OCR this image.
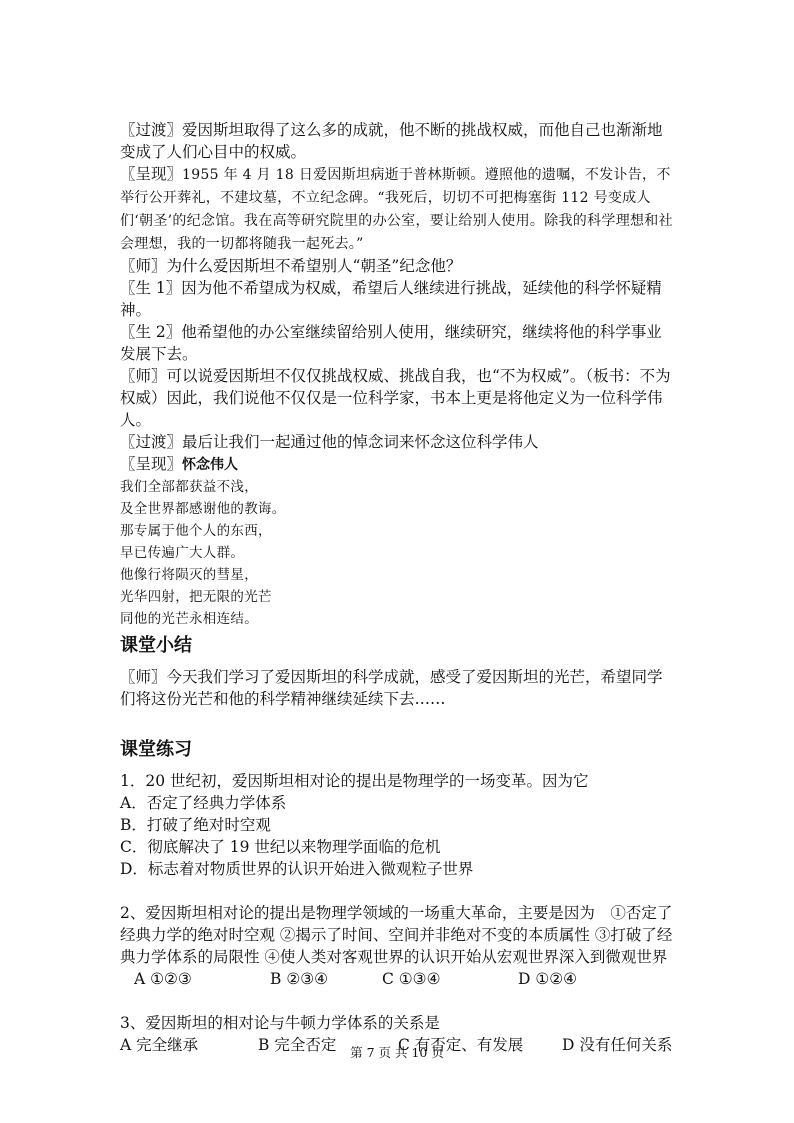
〖过渡〗爱因斯坦取得了这么多的成就，他不断的挑战权威，而他自己也渐渐地变成了人们心目中的权威。

〖呈现〗1955 年 4 月 18 日爱因斯坦病逝于普林斯顿。遵照他的遗嘱，不发讣告，不举行公开葬礼，不建坟墓，不立纪念碑。“我死后，切切不可把梅塞街 112 号变成人们‘朝圣’的纪念馆。我在高等研究院里的办公室，要让给别人使用。除我的科学理想和社会理想，我的一切都将随我一起死去。”

〖师〗为什么爱因斯坦不希望别人“朝圣”纪念他？

〖生 1〗因为他不希望成为权威，希望后人继续进行挑战，延续他的科学怀疑精神。

〖生 2〗他希望他的办公室继续留给别人使用，继续研究，继续将他的科学事业发展下去。

〖师〗可以说爱因斯坦不仅仅挑战权威、挑战自我，也“不为权威”。（板书：不为权威）因此，我们说他不仅仅是一位科学家，书本上更是将他定义为一位科学伟人。

〖过渡〗最后让我们一起通过他的悼念词来怀念这位科学伟人

〖呈现〗怀念伟人

我们全部都获益不浅，

及全世界都感谢他的教诲。

那专属于他个人的东西，

早已传遍广大人群。

他像行将陨灭的彗星，

光华四射，把无限的光芒

同他的光芒永相连结。

课堂小结

〖师〗今天我们学习了爱因斯坦的科学成就，感受了爱因斯坦的光芒，希望同学们将这份光芒和他的科学精神继续延续下去……

课堂练习

1．20 世纪初，爱因斯坦相对论的提出是物理学的一场变革。因为它

A．否定了经典力学体系

B．打破了绝对时空观

C．彻底解决了 19 世纪以来物理学面临的危机

D．标志着对物质世界的认识开始进入微观粒子世界

2、爱因斯坦相对论的提出是物理学领域的一场重大革命，主要是因为　①否定了经典力学的绝对时空观 ②揭示了时间、空间并非绝对不变的本质属性 ③打破了经典力学体系的局限性 ④使人类对客观世界的认识开始从宏观世界深入到微观世界

A ①②③	B ②③④	C ①③④	D ①②④

3、爱因斯坦的相对论与牛顿力学体系的关系是

A 完全继承	B 完全否定	C 有否定、有发展	D 没有任何关系
第 7 页 共 10 页
